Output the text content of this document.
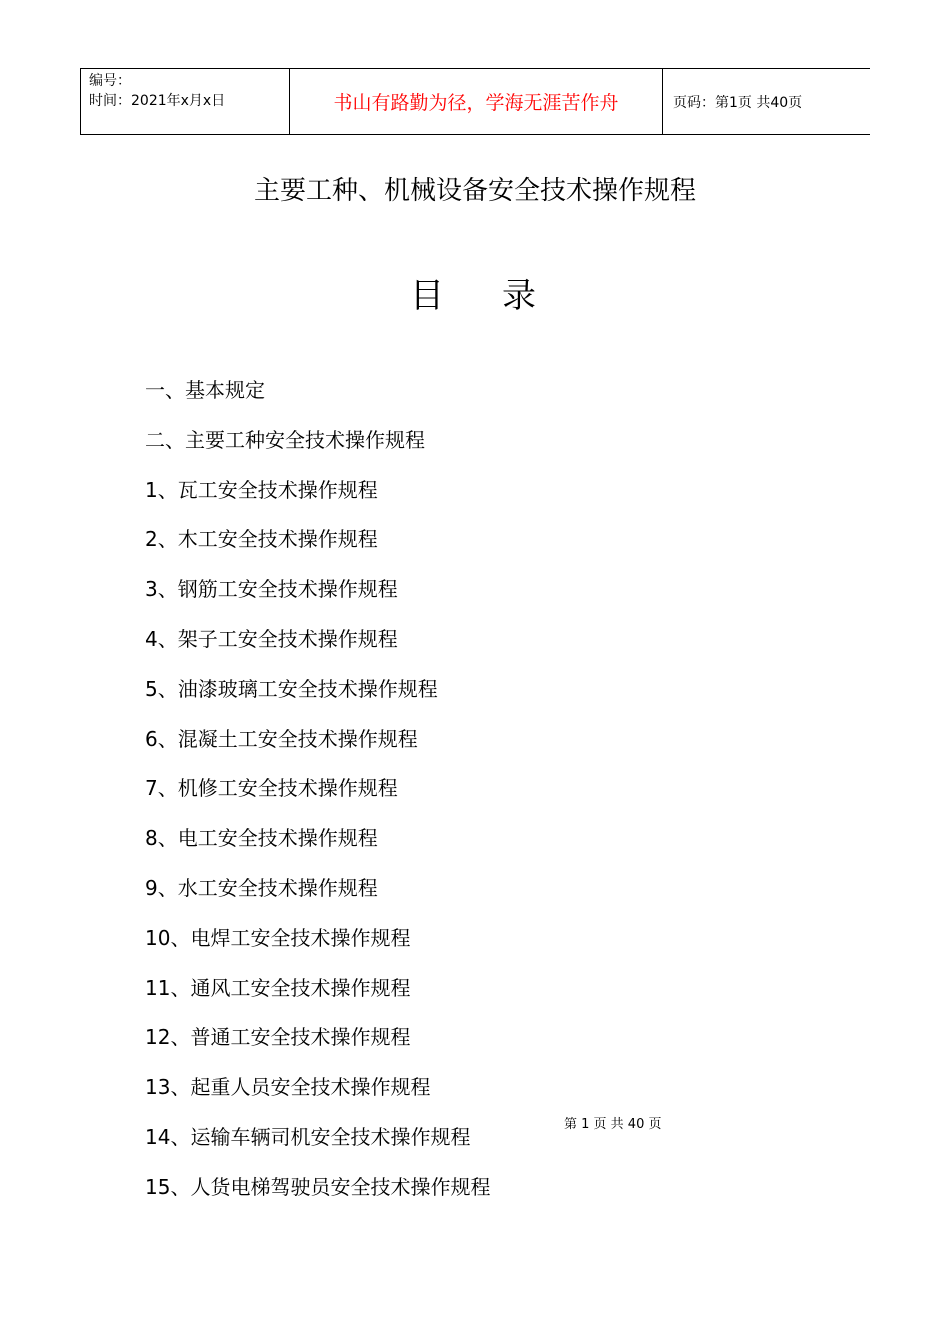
编号：
时间：2021年x月x日	书山有路勤为径，学海无涯苦作舟	页码：第1页 共40页
主要工种、机械设备安全技术操作规程
目录
一、基本规定
二、主要工种安全技术操作规程
1、瓦工安全技术操作规程
2、木工安全技术操作规程
3、钢筋工安全技术操作规程
4、架子工安全技术操作规程
5、油漆玻璃工安全技术操作规程
6、混凝土工安全技术操作规程
7、机修工安全技术操作规程
8、电工安全技术操作规程
9、水工安全技术操作规程
10、电焊工安全技术操作规程
11、通风工安全技术操作规程
12、普通工安全技术操作规程
13、起重人员安全技术操作规程
14、运输车辆司机安全技术操作规程
15、人货电梯驾驶员安全技术操作规程
第 1 页 共 40 页
